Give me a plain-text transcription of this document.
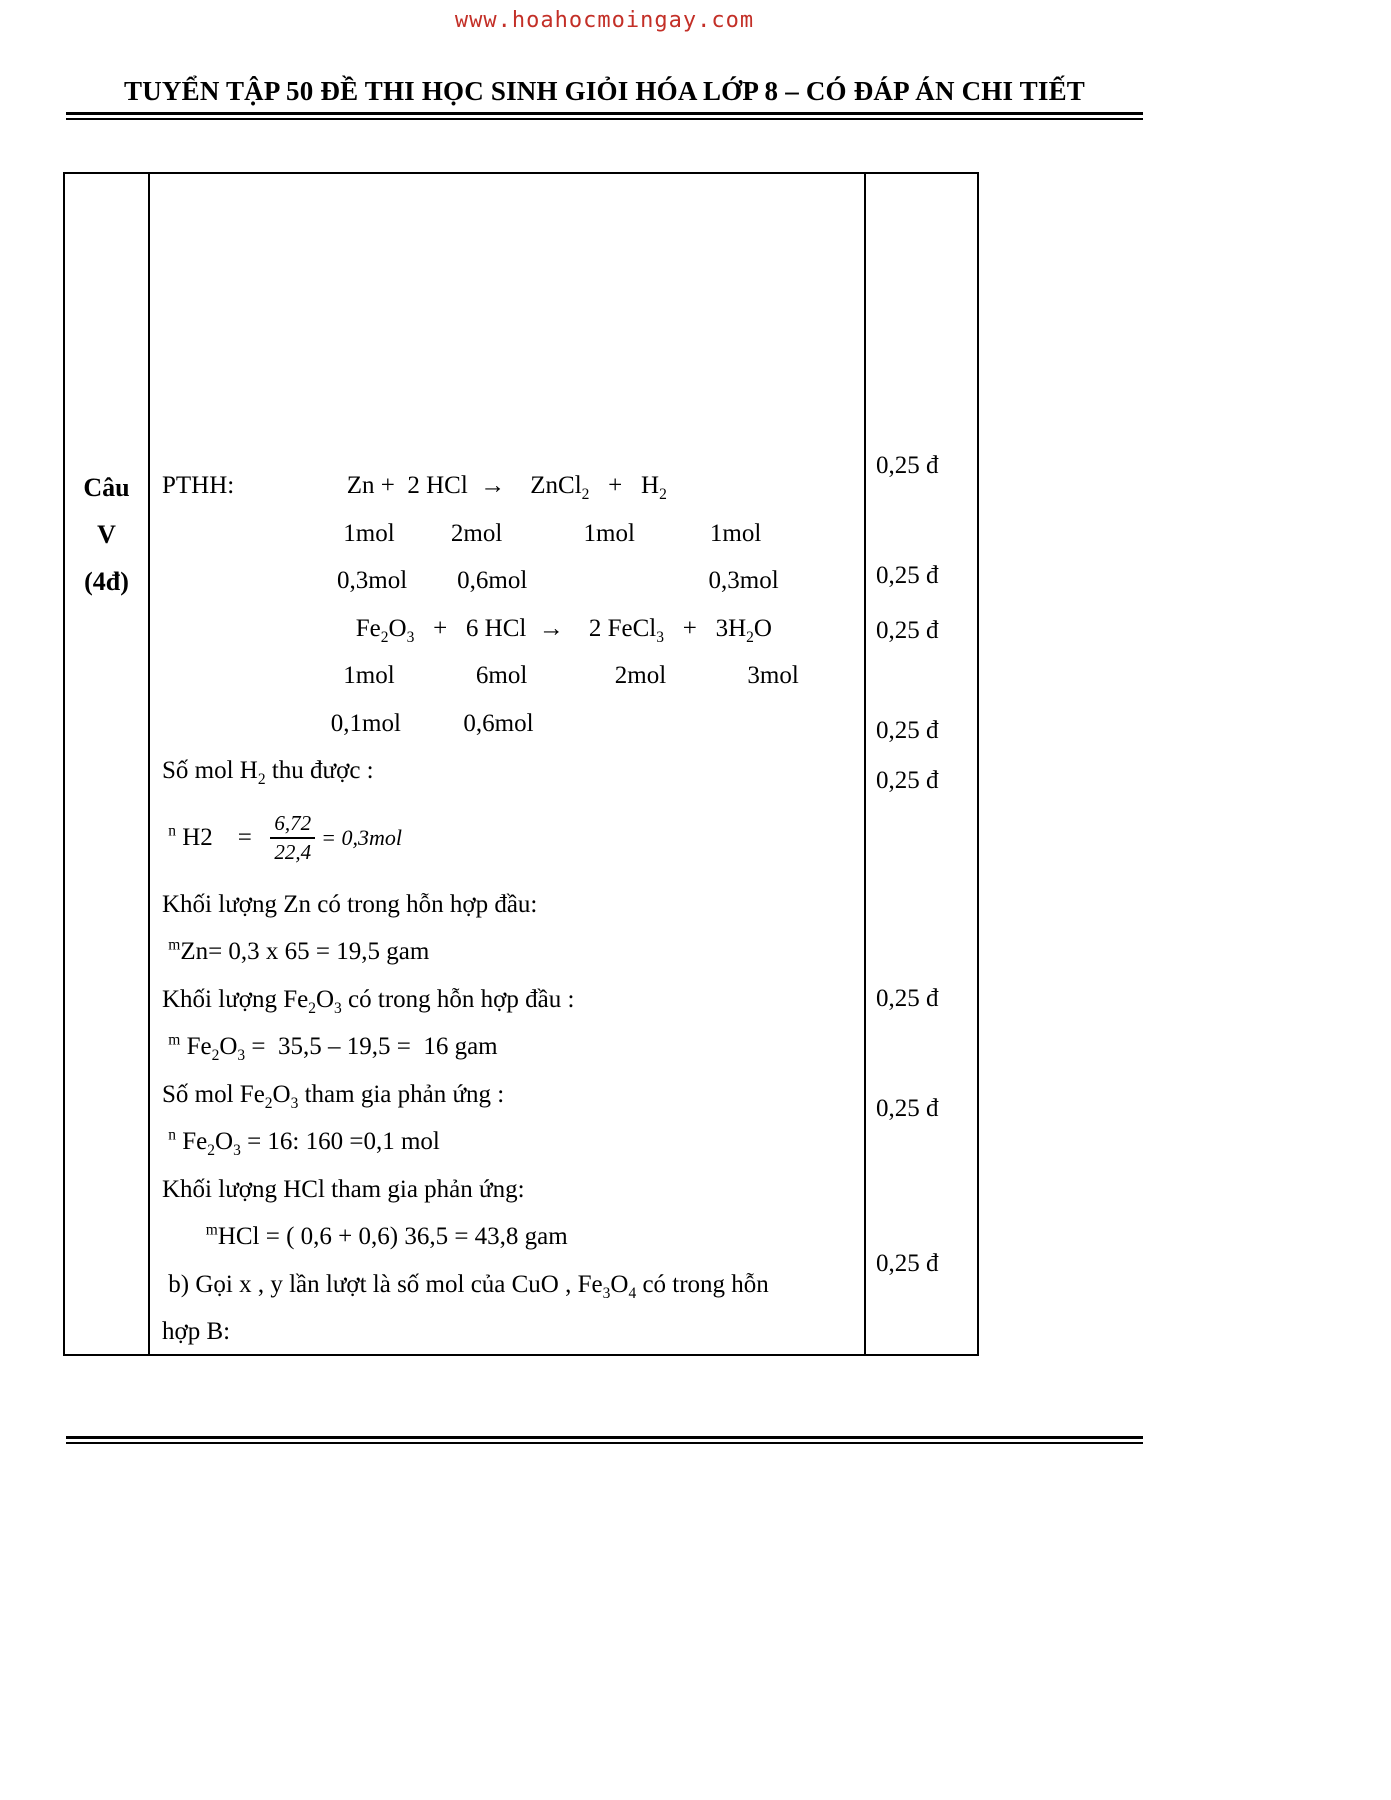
www.hoahocmoingay.com
TUYỂN TẬP 50 ĐỀ THI HỌC SINH GIỎI HÓA LỚP 8 – CÓ ĐÁP ÁN CHI TIẾT
Câu
V
(4đ)
PTHH:                  Zn +  2 HCl  →    ZnCl$_2$   +   $H_2$
1mol         2mol             1mol            1mol
0,3mol        0,6mol                             0,3mol
$Fe_2O_3 + 6$ HCl  →    2 FeCl$_3$   +   $3H_2O$
1mol             6mol              2mol             3mol
0,1mol          0,6mol
Số mol $H_2$ thu được :
$^n$ H2    = $\frac{6,72}{22,4} = 0,3mol$
Khối lượng Zn có trong hỗn hợp đầu:
$^m$Zn= 0,3 x 65 = 19,5 gam
Khối lượng $Fe_2O_3$ có trong hỗn hợp đầu :
$^m$ $Fe_2O_3 = 35,5 - 19,5 = 16$ gam
Số mol $Fe_2O_3$ tham gia phản ứng :
$^n$ $Fe_2O_3 = 16$: 160 =0,1 mol
Khối lượng HCl tham gia phản ứng:
$^m$HCl = ( 0,6 + 0,6) 36,5 = 43,8 gam
b) Gọi x , y lần lượt là số mol của CuO , $Fe_3O_4$ có trong hỗn
hợp B:
0,25 đ
0,25 đ
0,25 đ
0,25 đ
0,25 đ
0,25 đ
0,25 đ
0,25 đ
